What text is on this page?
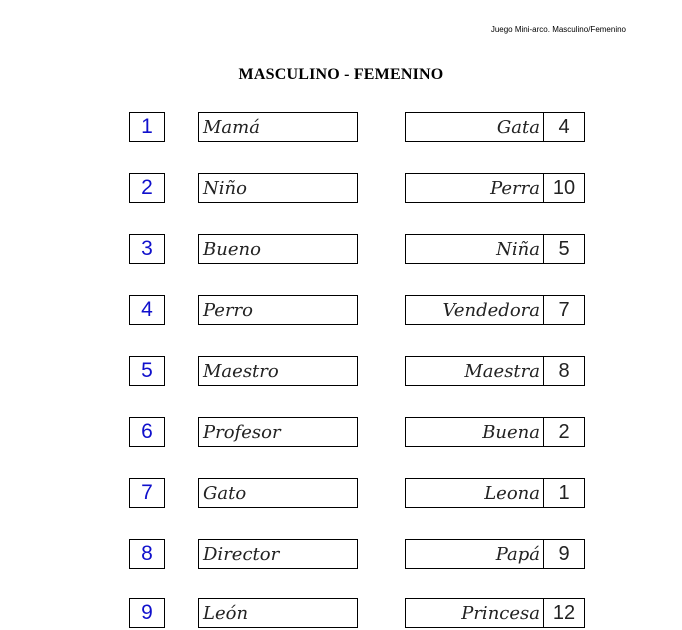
Juego Mini-arco. Masculino/Femenino
MASCULINO - FEMENINO
1	Mamá	Gata 4
2	Niño	Perra 10
3	Bueno	Niña 5
4	Perro	Vendedora 7
5	Maestro	Maestra 8
6	Profesor	Buena 2
7	Gato	Leona 1
8	Director	Papá 9
9	León	Princesa 12
